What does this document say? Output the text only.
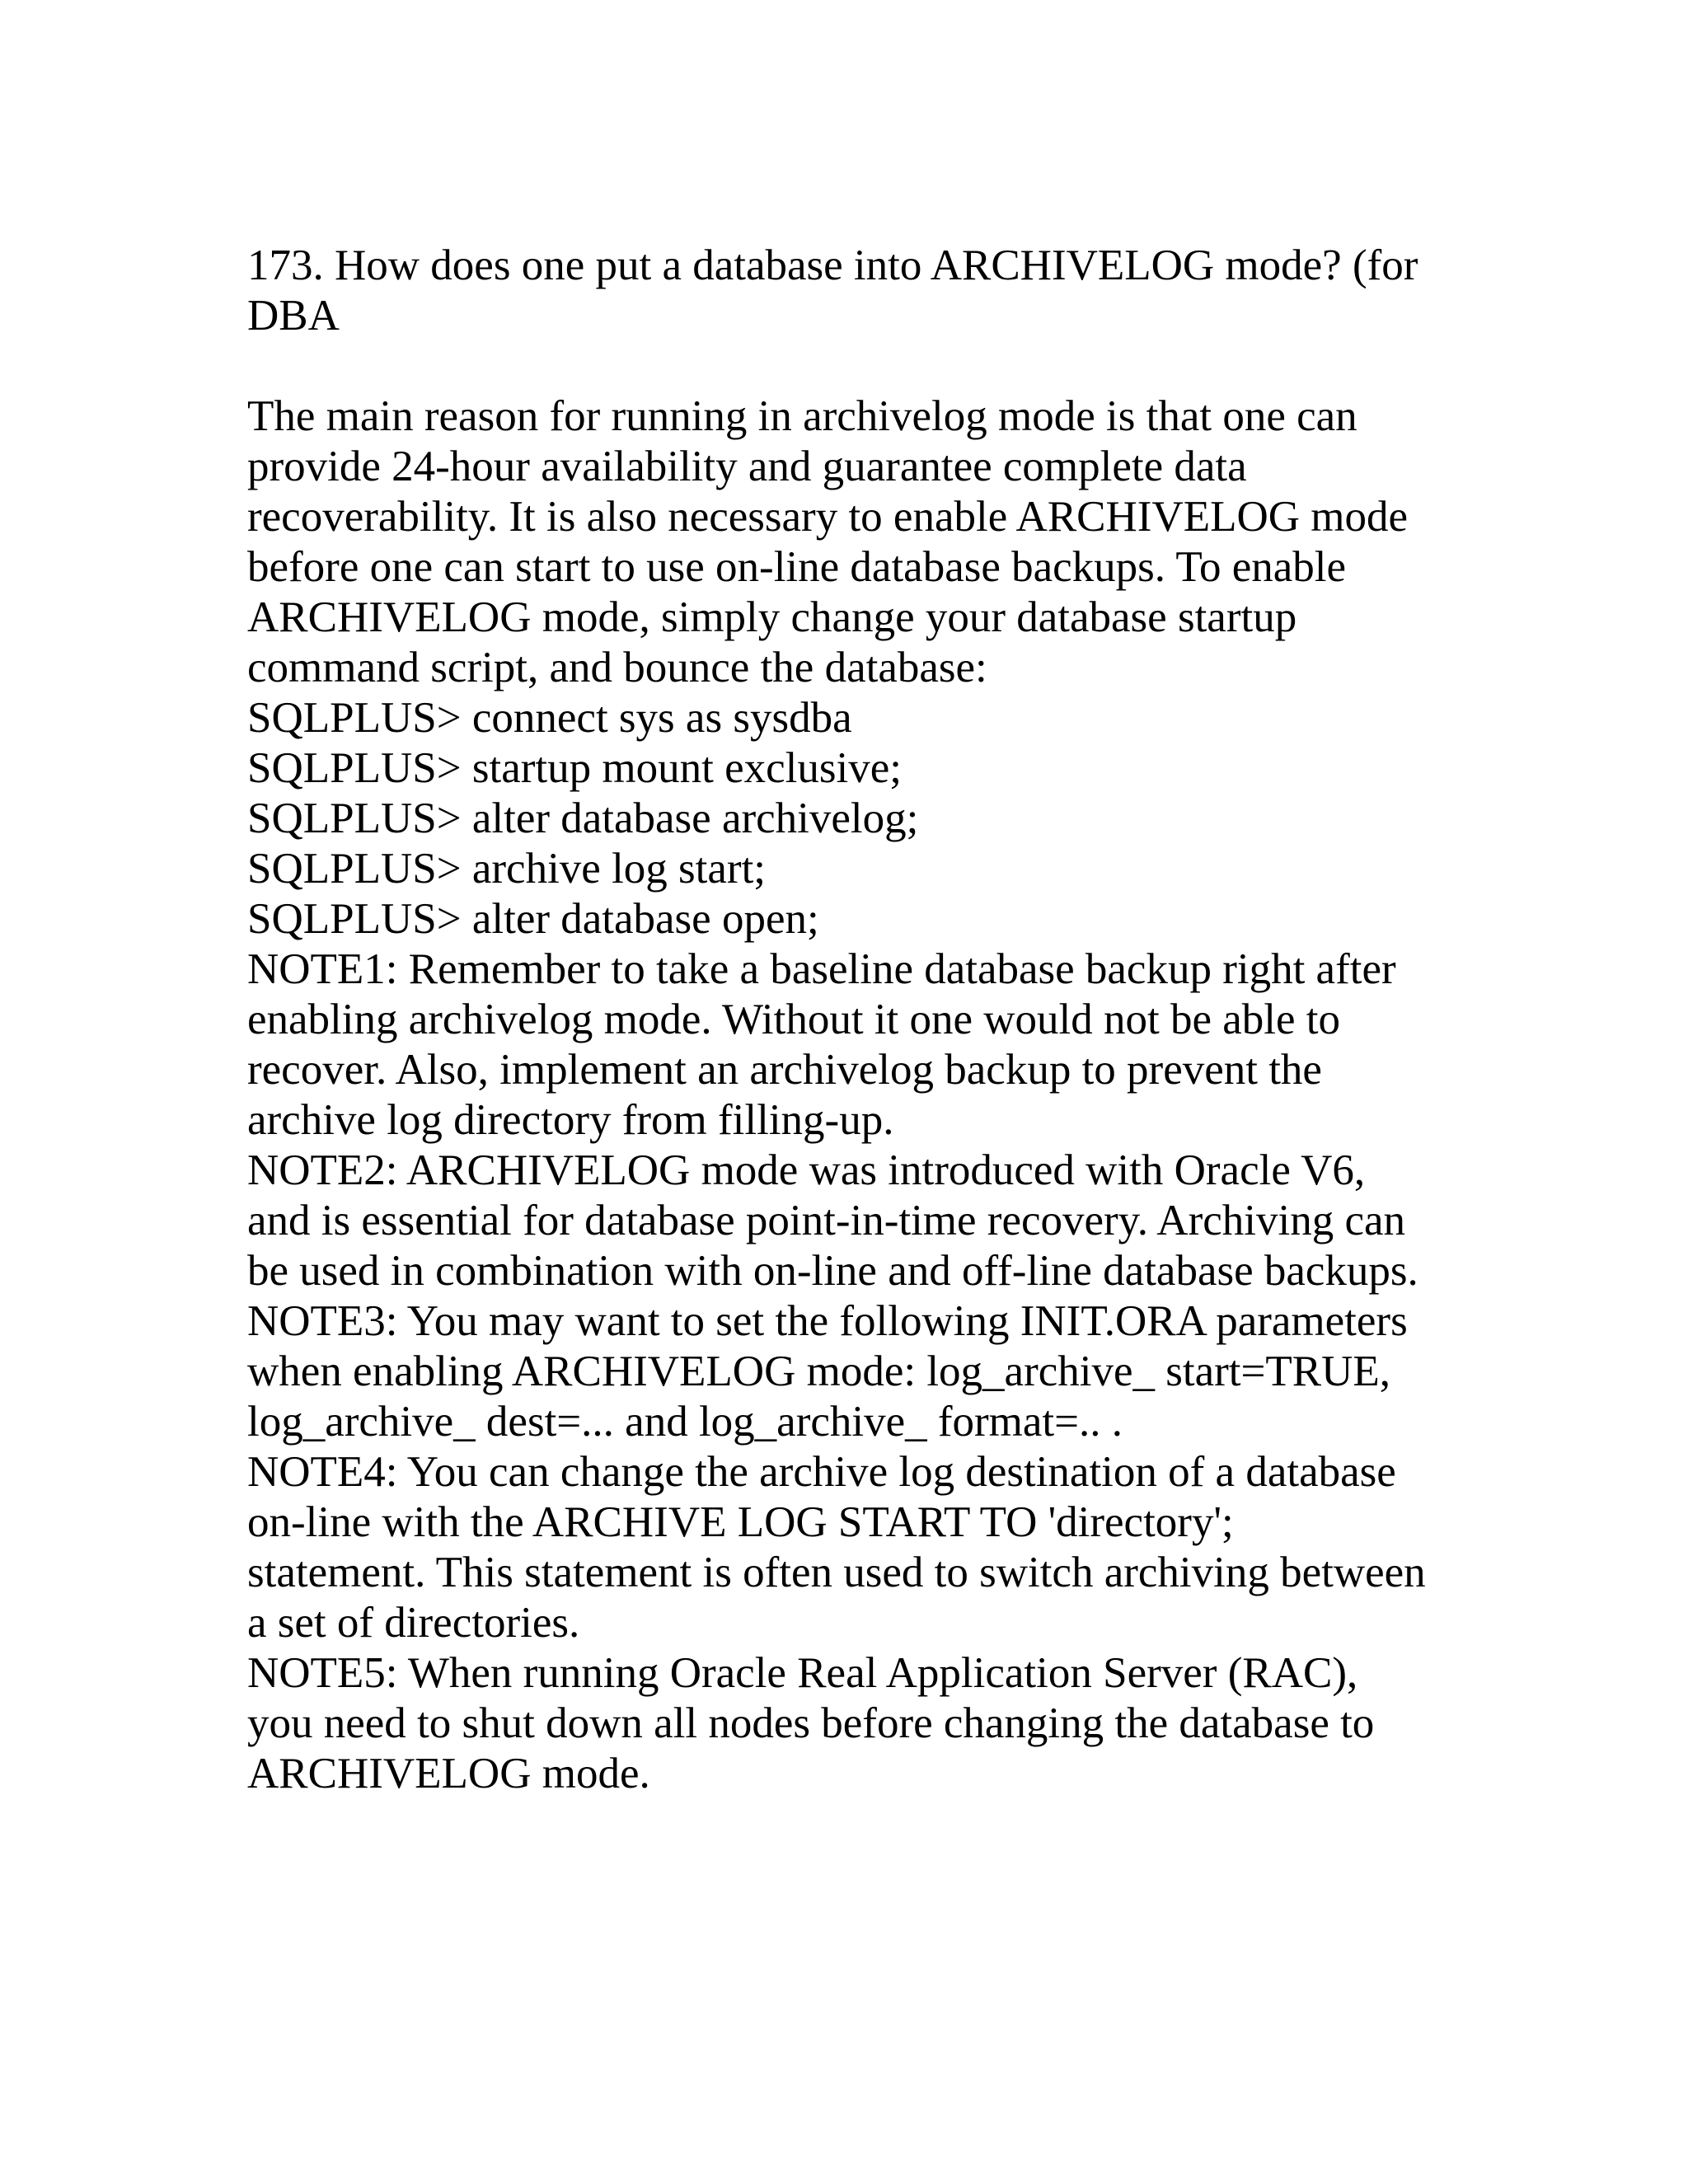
173. How does one put a database into ARCHIVELOG mode? (for
DBA
The main reason for running in archivelog mode is that one can
provide 24-hour availability and guarantee complete data
recoverability. It is also necessary to enable ARCHIVELOG mode
before one can start to use on-line database backups. To enable
ARCHIVELOG mode, simply change your database startup
command script, and bounce the database:
SQLPLUS> connect sys as sysdba
SQLPLUS> startup mount exclusive;
SQLPLUS> alter database archivelog;
SQLPLUS> archive log start;
SQLPLUS> alter database open;
NOTE1: Remember to take a baseline database backup right after
enabling archivelog mode. Without it one would not be able to
recover. Also, implement an archivelog backup to prevent the
archive log directory from filling-up.
NOTE2: ARCHIVELOG mode was introduced with Oracle V6,
and is essential for database point-in-time recovery. Archiving can
be used in combination with on-line and off-line database backups.
NOTE3: You may want to set the following INIT.ORA parameters
when enabling ARCHIVELOG mode: log_archive_ start=TRUE,
log_archive_ dest=... and log_archive_ format=.. .
NOTE4: You can change the archive log destination of a database
on-line with the ARCHIVE LOG START TO 'directory';
statement. This statement is often used to switch archiving between
a set of directories.
NOTE5: When running Oracle Real Application Server (RAC),
you need to shut down all nodes before changing the database to
ARCHIVELOG mode.
